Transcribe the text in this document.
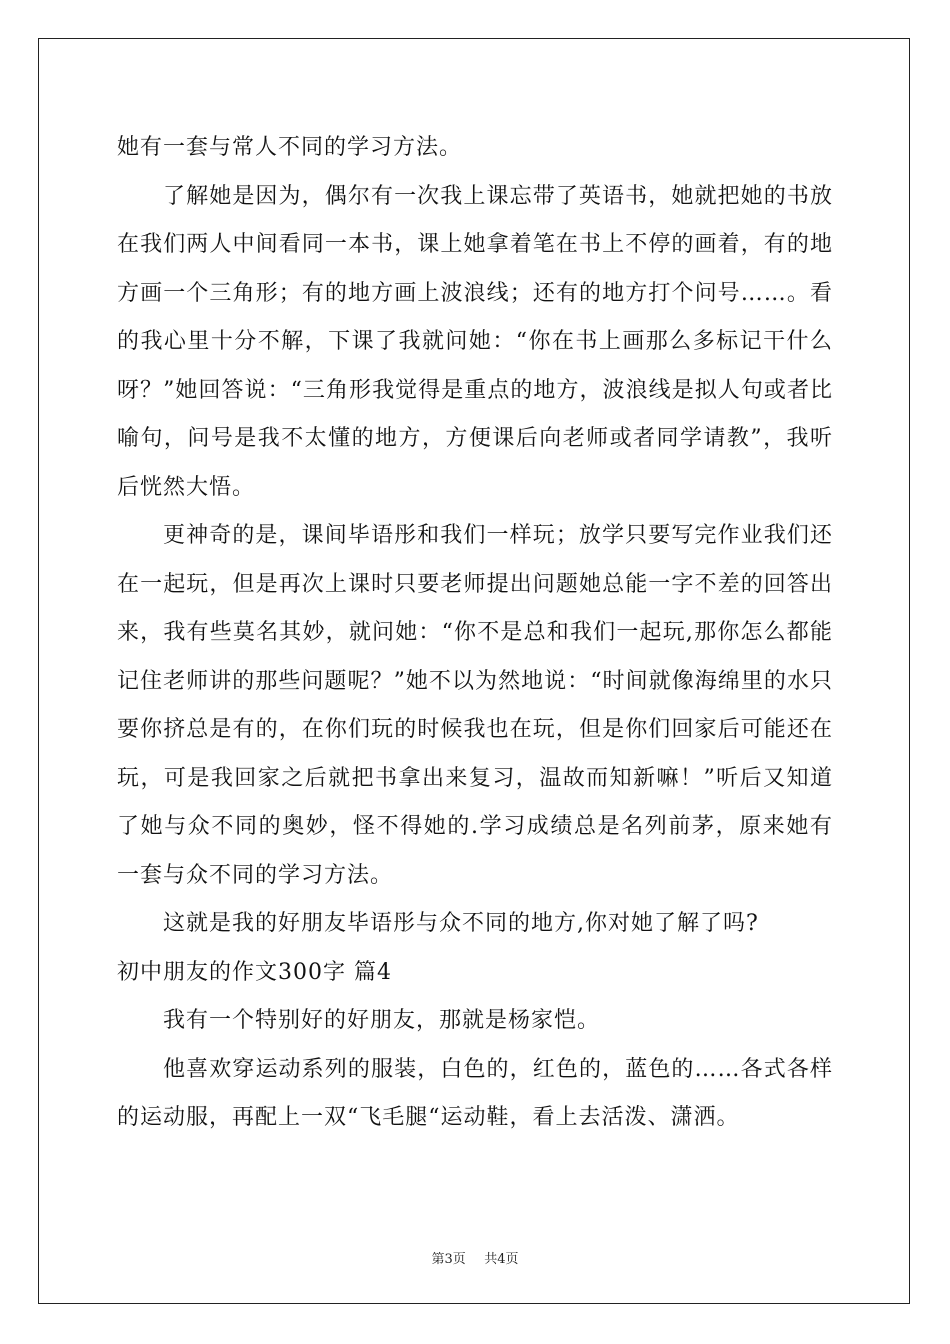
她有一套与常人不同的学习方法。

了解她是因为，偶尔有一次我上课忘带了英语书，她就把她的书放在我们两人中间看同一本书，课上她拿着笔在书上不停的画着，有的地方画一个三角形；有的地方画上波浪线；还有的地方打个问号……。看的我心里十分不解，下课了我就问她：“你在书上画那么多标记干什么呀？”她回答说：“三角形我觉得是重点的地方，波浪线是拟人句或者比喻句，问号是我不太懂的地方，方便课后向老师或者同学请教”，我听后恍然大悟。

更神奇的是，课间毕语彤和我们一样玩；放学只要写完作业我们还在一起玩，但是再次上课时只要老师提出问题她总能一字不差的回答出来，我有些莫名其妙，就问她：“你不是总和我们一起玩,那你怎么都能记住老师讲的那些问题呢？”她不以为然地说：“时间就像海绵里的水只要你挤总是有的，在你们玩的时候我也在玩，但是你们回家后可能还在玩，可是我回家之后就把书拿出来复习，温故而知新嘛！”听后又知道了她与众不同的奥妙，怪不得她的.学习成绩总是名列前茅，原来她有一套与众不同的学习方法。

这就是我的好朋友毕语彤与众不同的地方,你对她了解了吗?

初中朋友的作文300字 篇4

我有一个特别好的好朋友，那就是杨家恺。

他喜欢穿运动系列的服装，白色的，红色的，蓝色的……各式各样的运动服，再配上一双“飞毛腿“运动鞋，看上去活泼、潇洒。

第3页 共4页
